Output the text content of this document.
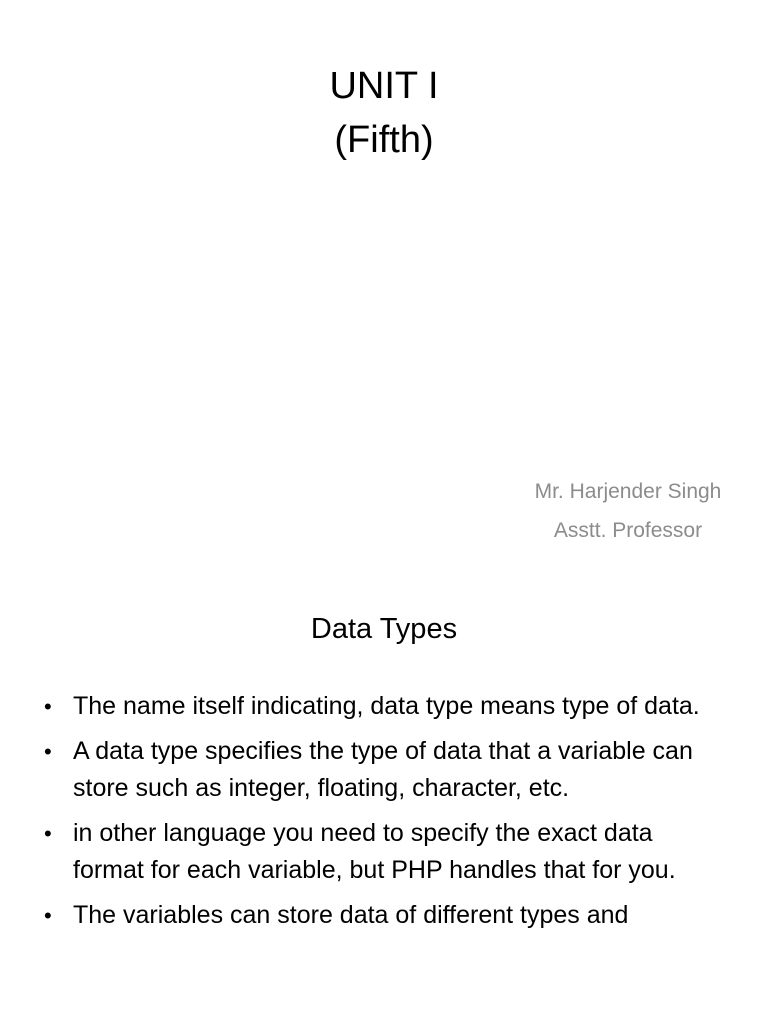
UNIT I
(Fifth)
Mr. Harjender Singh
Asstt. Professor
Data Types
• The name itself indicating, data type means type of data.
• A data type specifies the type of data that a variable can store such as integer, floating, character, etc.
• in other language you need to specify the exact data format for each variable, but PHP handles that for you.
• The variables can store data of different types and
